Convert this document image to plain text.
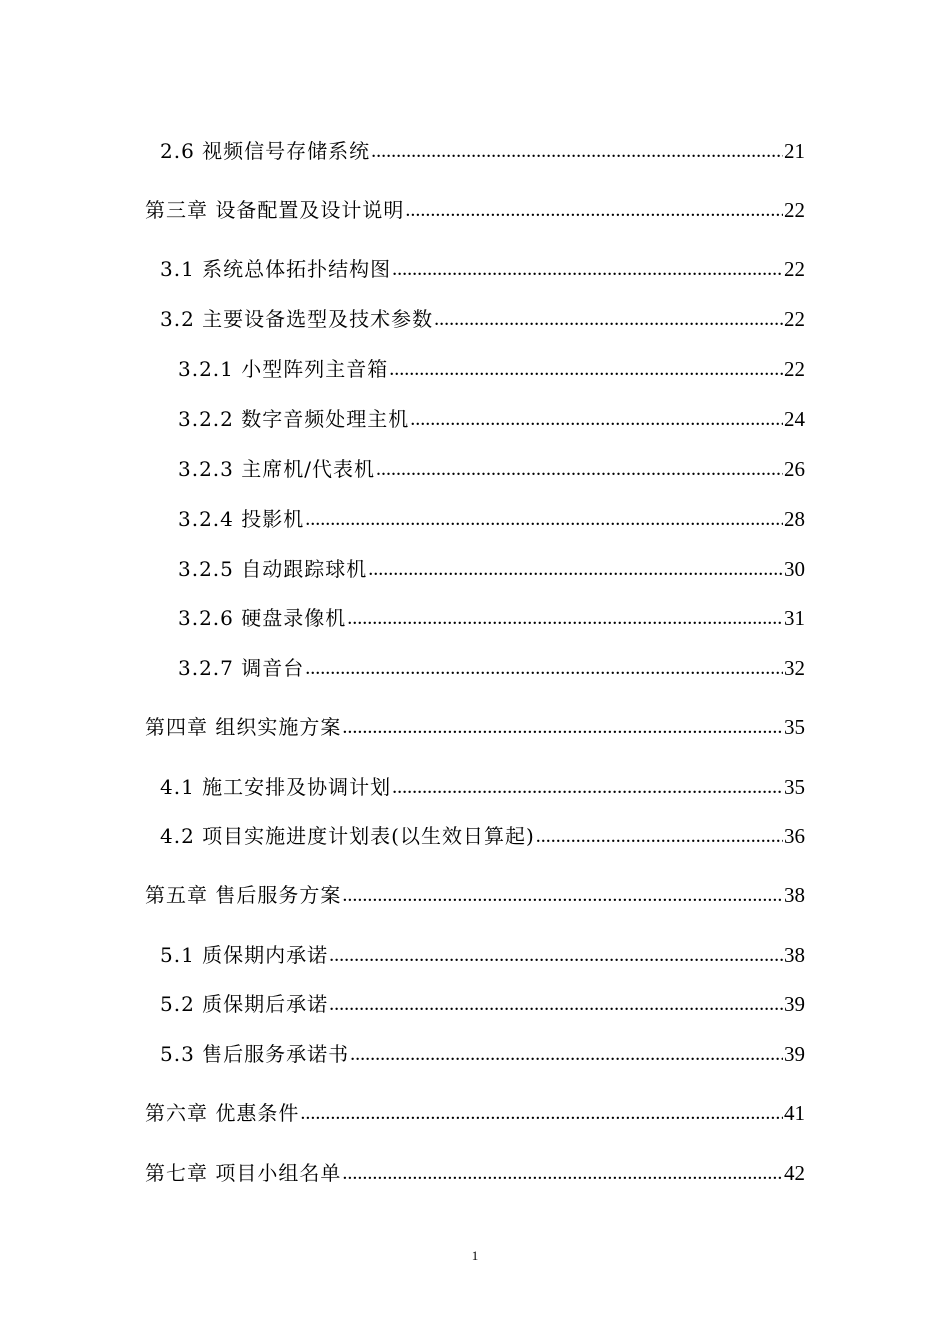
2.6 视频信号存储系统 .....	21
第三章 设备配置及设计说明 .....	22
3.1 系统总体拓扑结构图 .....	22
3.2 主要设备选型及技术参数 .....	22
3.2.1 小型阵列主音箱 .....	22
3.2.2 数字音频处理主机 .....	24
3.2.3 主席机/代表机 .....	26
3.2.4 投影机 .....	28
3.2.5 自动跟踪球机 .....	30
3.2.6 硬盘录像机 .....	31
3.2.7 调音台 .....	32
第四章 组织实施方案 .....	35
4.1 施工安排及协调计划 .....	35
4.2 项目实施进度计划表(以生效日算起) .....	36
第五章 售后服务方案 .....	38
5.1 质保期内承诺 .....	38
5.2 质保期后承诺 .....	39
5.3 售后服务承诺书 .....	39
第六章 优惠条件 .....	41
第七章 项目小组名单 .....	42
1
